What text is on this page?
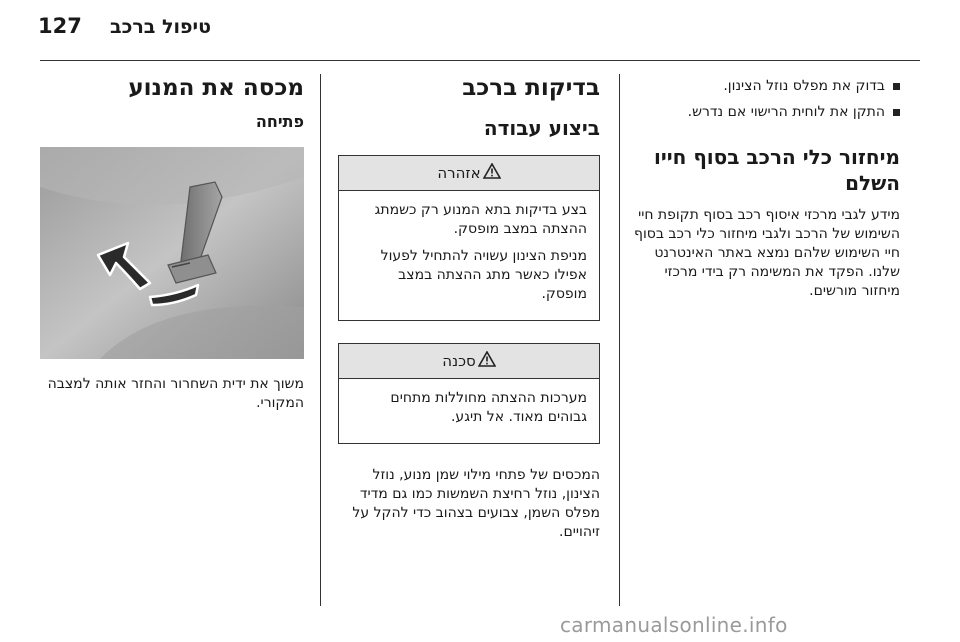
127 טיפול ברכב
בדוק את מפלס נוזל הצינון.
התקן את לוחית הרישוי אם נדרש.
מיחזור כלי הרכב בסוף חייו השלם

מידע לגבי מרכזי איסוף רכב בסוף תקופת חיי השימוש של הרכב ולגבי מיחזור כלי רכב בסוף חיי השימוש שלהם נמצא באתר האינטרנט שלנו. הפקד את המשימה רק בידי מרכזי מיחזור מורשים.

בדיקות ברכב
ביצוע עבודה
אזהרה

בצע בדיקות בתא המנוע רק כשמתג ההצתה במצב מופסק.

מניפת הצינון עשויה להתחיל לפעול אפילו כאשר מתג ההצתה במצב מופסק.

סכנה

מערכות ההצתה מחוללות מתחים גבוהים מאוד. אל תיגע.

המכסים של פתחי מילוי שמן מנוע, נוזל הצינון, נוזל רחיצת השמשות כמו גם מדיד מפלס השמן, צבועים בצהוב כדי להקל על זיהויים.

מכסה את המנוע
פתיחה

משוך את ידית השחרור והחזר אותה למצבה המקורי.

carmanualsonline.info
